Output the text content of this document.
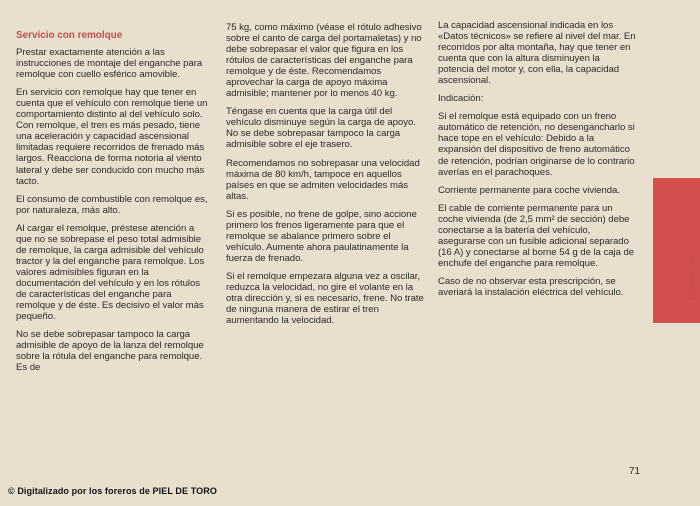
Servicio con remolque

Prestar exactamente atención a las instrucciones de montaje del enganche para remolque con cuello esférico amovible.

En servicio con remolque hay que tener en cuenta que el vehículo con remolque tiene un comportamiento distinto al del vehículo solo. Con remolque, el tren es más pesado, tiene una aceleración y capacidad ascensional limitadas requiere recorridos de frenado más largos. Reacciona de forma notoria al viento lateral y debe ser conducido con mucho más tacto.

El consumo de combustible con remolque es, por naturaleza, más alto.

Al cargar el remolque, préstese atención a que no se sobrepase el peso total admisible de remolque, la carga admisible del vehículo tractor y la del enganche para remolque. Los valores admisibles figuran en la documentación del vehículo y en los rótulos de características del enganche para remolque y de éste. Es decisivo el valor más pequeño.

No se debe sobrepasar tampoco la carga admisible de apoyo de la lanza del remolque sobre la rótula del enganche para remolque. Es de

75 kg, como máximo (véase el rótulo adhesivo sobre el canto de carga del portamaletas) y no debe sobrepasar el valor que figura en los rótulos de características del enganche para remolque y de éste. Recomendamos aprovechar la carga de apoyo máxima admisible; mantener por lo menos 40 kg.

Téngase en cuenta que la carga útil del vehículo disminuye según la carga de apoyo. No se debe sobrepasar tampoco la carga admisible sobre el eje trasero.

Recomendamos no sobrepasar una velocidad máxima de 80 km/h, tampoce en aquellos países en que se admiten velocidades más altas.

Si es posible, no frene de golpe, sino accione primero los frenos ligeramente para que el remolque se abalance primero sobre el vehículo. Aumente ahora paulatinamente la fuerza de frenado.

Si el remolque empezara alguna vez a oscilar, reduzca la velocidad, no gire el volante en la otra dirección y, si es necesario, frene. No trate de ninguna manera de estirar el tren aumentando la velocidad.

La capacidad ascensional indicada en los «Datos técnicos» se refiere al nivel del mar. En recorridos por alta montaña, hay que tener en cuenta que con la altura disminuyen la potencia del motor y, con ella, la capacidad ascensional.

Indicación:

Si el remolque está equipado con un freno automático de retención, no desengancharlo si hace tope en el vehículo: Debido a la expansión del dispositivo de freno automático de retención, podrían originarse de lo contrario averías en el parachoques.

Corriente permanente para coche vivienda.

El cable de corriente permanente para un coche vivienda (de 2,5 mm² de sección) debe conectarse a la batería del vehículo, asegurarse con un fusible adicional separado (16 A) y conectarse al borne 54 g de la caja de enchufe del enganche para remolque.

Caso de no observar esta prescripción, se averiará la instalación eléctrica del vehículo.	La marcha
71
© Digitalizado por los foreros de PIEL DE TORO
